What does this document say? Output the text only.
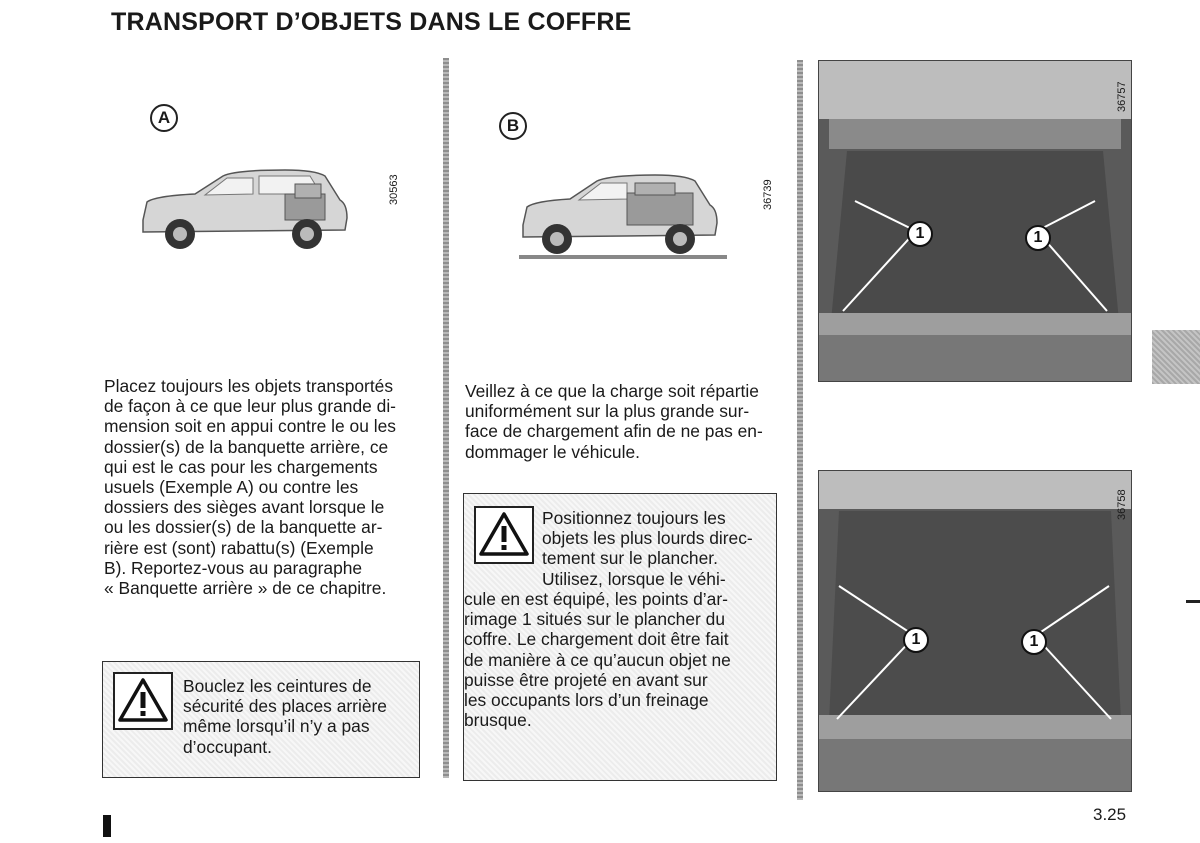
TRANSPORT D’OBJETS DANS LE COFFRE
A
30563
B
36739
Placez toujours les objets transportés
de façon à ce que leur plus grande di-
mension soit en appui contre le ou les
dossier(s) de la banquette arrière, ce
qui est le cas pour les chargements
usuels (Exemple A) ou contre les
dossiers des sièges avant lorsque le
ou les dossier(s) de la banquette ar-
rière est (sont) rabattu(s) (Exemple
B). Reportez-vous au paragraphe
« Banquette arrière » de ce chapitre.
Veillez à ce que la charge soit répartie
uniformément sur la plus grande sur-
face de chargement afin de ne pas en-
dommager le véhicule.
Bouclez les ceintures de
sécurité des places arrière
même lorsqu’il n’y a pas
d’occupant.
Positionnez toujours les
objets les plus lourds direc-
tement sur le plancher.
Utilisez, lorsque le véhi-
cule en est équipé, les points d’ar-
rimage 1 situés sur le plancher du
coffre. Le chargement doit être fait
de manière à ce qu’aucun objet ne
puisse être projeté en avant sur
les occupants lors d’un freinage
brusque.
1	1
36757
1	1
36758
3.25
